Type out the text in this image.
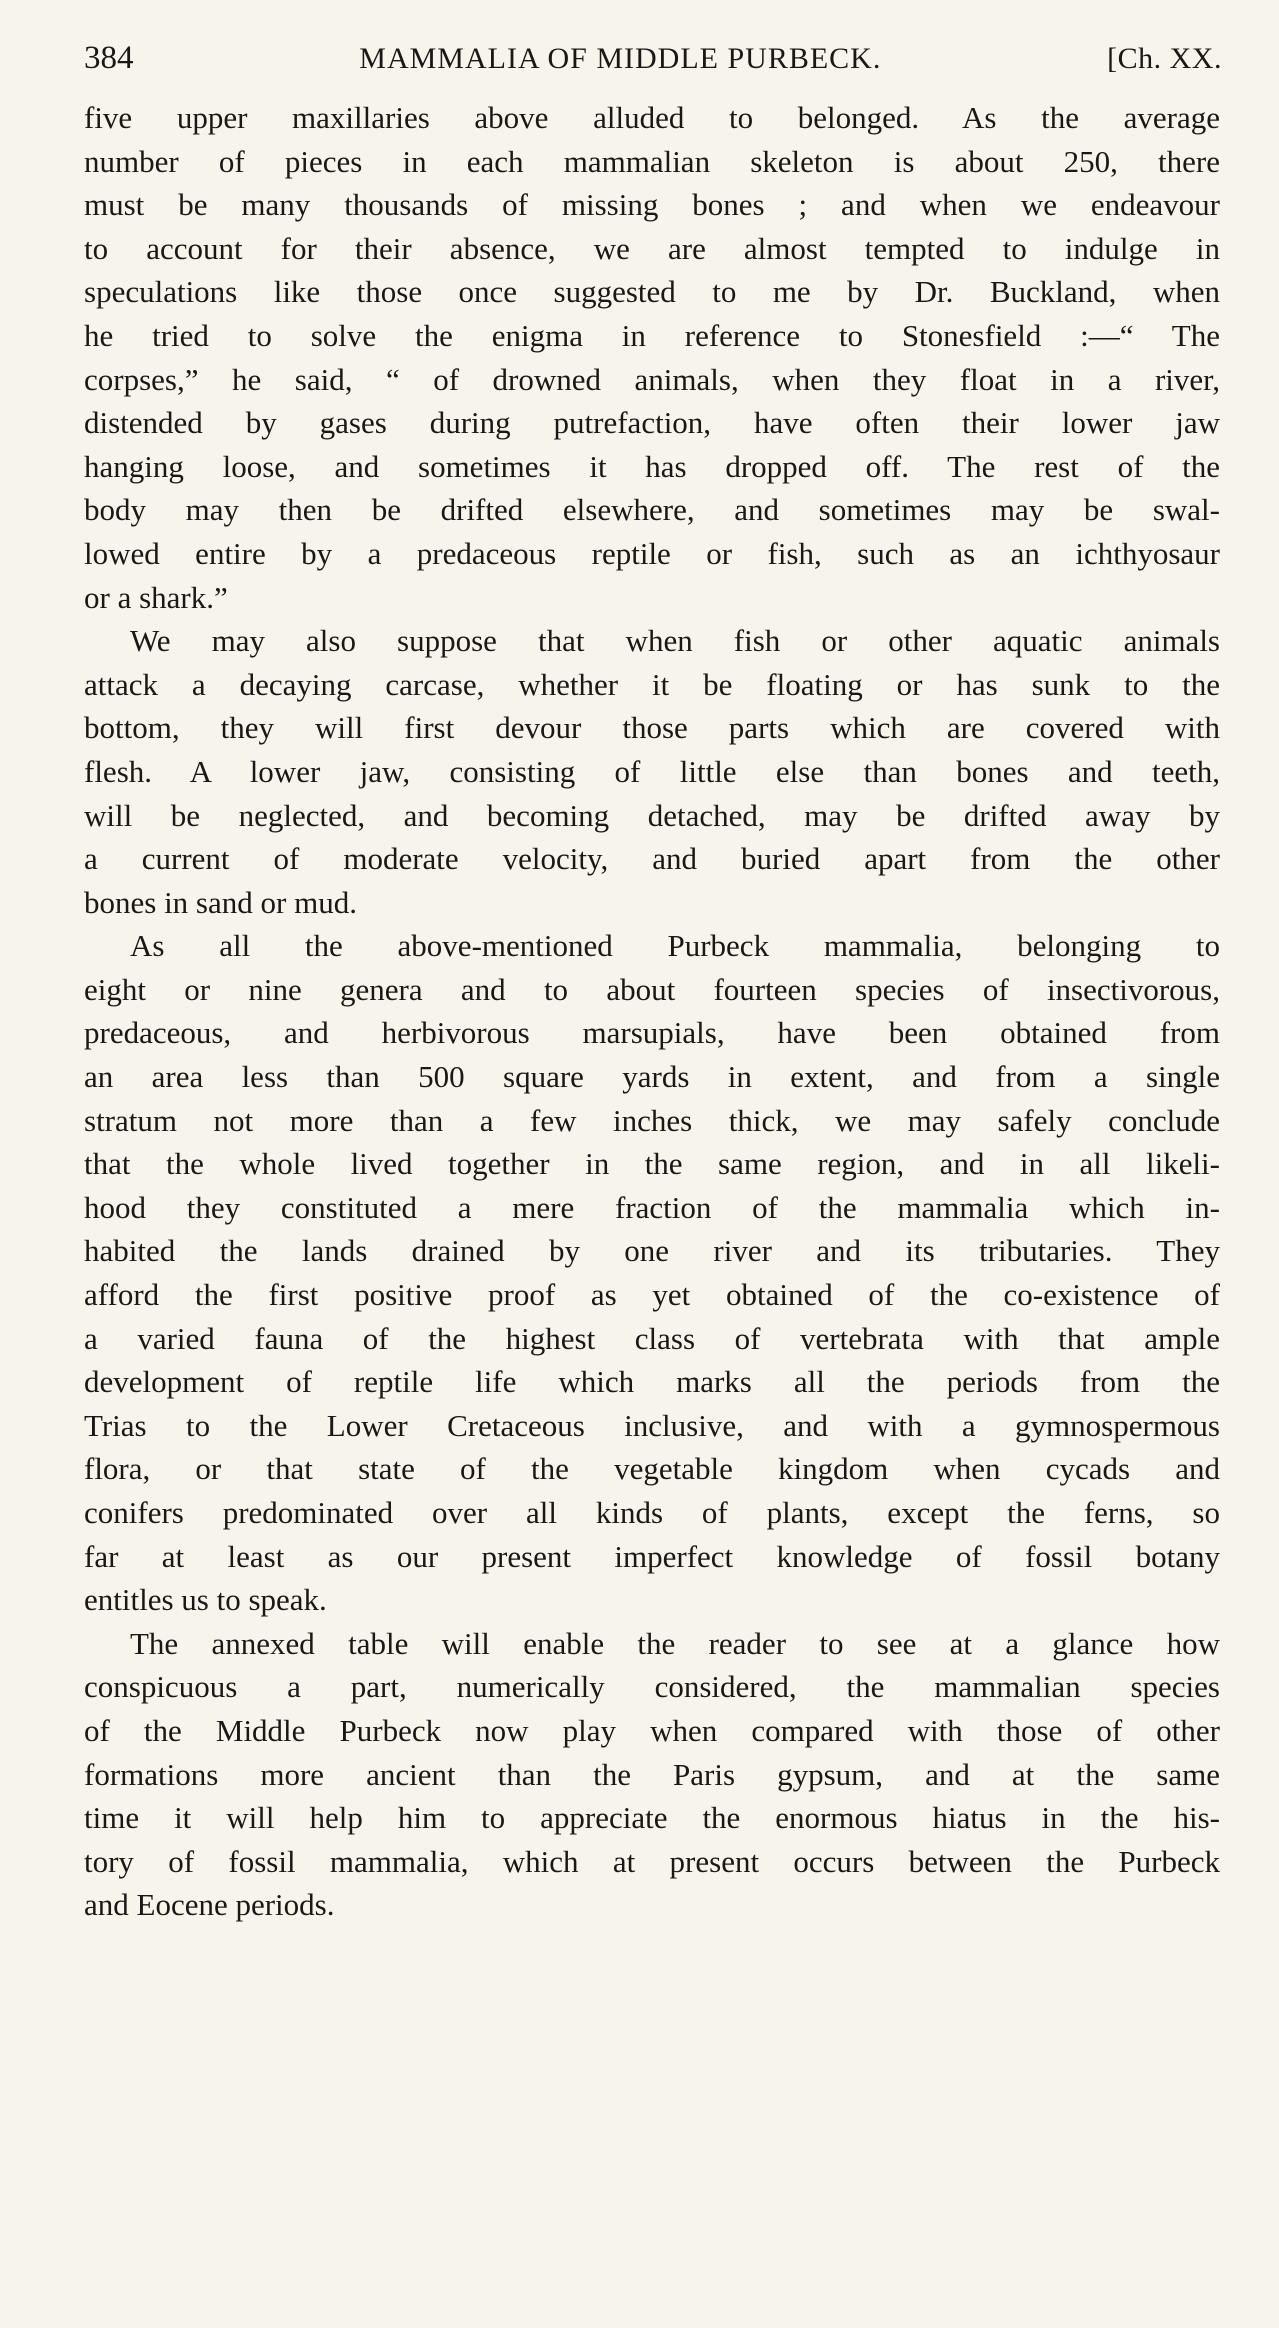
384	MAMMALIA OF MIDDLE PURBECK.	[Ch. XX.
five upper maxillaries above alluded to belonged. As the average
number of pieces in each mammalian skeleton is about 250, there
must be many thousands of missing bones ; and when we endeavour
to account for their absence, we are almost tempted to indulge in
speculations like those once suggested to me by Dr. Buckland, when
he tried to solve the enigma in reference to Stonesfield :—“ The
corpses,” he said, “ of drowned animals, when they float in a river,
distended by gases during putrefaction, have often their lower jaw
hanging loose, and sometimes it has dropped off. The rest of the
body may then be drifted elsewhere, and sometimes may be swal-
lowed entire by a predaceous reptile or fish, such as an ichthyosaur
or a shark.”
We may also suppose that when fish or other aquatic animals
attack a decaying carcase, whether it be floating or has sunk to the
bottom, they will first devour those parts which are covered with
flesh. A lower jaw, consisting of little else than bones and teeth,
will be neglected, and becoming detached, may be drifted away by
a current of moderate velocity, and buried apart from the other
bones in sand or mud.
As all the above-mentioned Purbeck mammalia, belonging to
eight or nine genera and to about fourteen species of insectivorous,
predaceous, and herbivorous marsupials, have been obtained from
an area less than 500 square yards in extent, and from a single
stratum not more than a few inches thick, we may safely conclude
that the whole lived together in the same region, and in all likeli-
hood they constituted a mere fraction of the mammalia which in-
habited the lands drained by one river and its tributaries. They
afford the first positive proof as yet obtained of the co-existence of
a varied fauna of the highest class of vertebrata with that ample
development of reptile life which marks all the periods from the
Trias to the Lower Cretaceous inclusive, and with a gymnospermous
flora, or that state of the vegetable kingdom when cycads and
conifers predominated over all kinds of plants, except the ferns, so
far at least as our present imperfect knowledge of fossil botany
entitles us to speak.
The annexed table will enable the reader to see at a glance how
conspicuous a part, numerically considered, the mammalian species
of the Middle Purbeck now play when compared with those of other
formations more ancient than the Paris gypsum, and at the same
time it will help him to appreciate the enormous hiatus in the his-
tory of fossil mammalia, which at present occurs between the Purbeck
and Eocene periods.
